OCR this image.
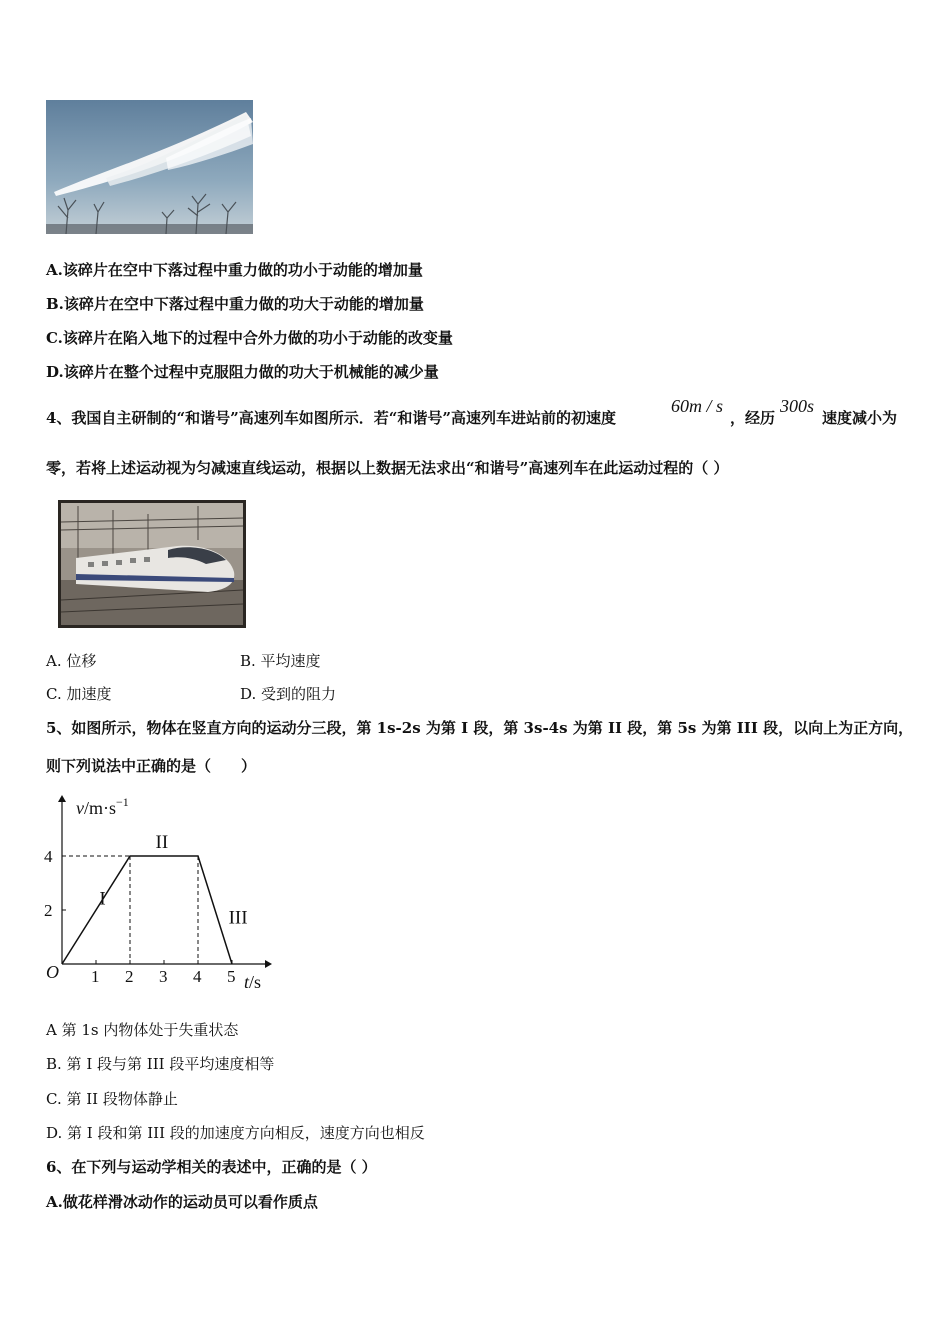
A.该碎片在空中下落过程中重力做的功小于动能的增加量
B.该碎片在空中下落过程中重力做的功大于动能的增加量
C.该碎片在陷入地下的过程中合外力做的功小于动能的改变量
D.该碎片在整个过程中克服阻力做的功大于机械能的减少量
4、我国自主研制的“和谐号”高速列车如图所示．若“和谐号”高速列车进站前的初速度
60m / s
，经历
300s
速度减小为
零，若将上述运动视为匀减速直线运动，根据以上数据无法求出“和谐号”高速列车在此运动过程的（ ）
A. 位移	B. 平均速度
C. 加速度	D. 受到的阻力
5、如图所示，物体在竖直方向的运动分三段，第 1s-2s 为第 I 段，第 3s-4s 为第 II 段，第 5s 为第 III 段，以向上为正方向，
则下列说法中正确的是（　　）
1 2 3 4 5
2
4
I
II
III
$v/m\cdot s^{-1}$
t/s
O
A 第 1s 内物体处于失重状态
B. 第 I 段与第 III 段平均速度相等
C. 第 II 段物体静止
D. 第 I 段和第 III 段的加速度方向相反，速度方向也相反
6、在下列与运动学相关的表述中，正确的是（ ）
A.做花样滑冰动作的运动员可以看作质点
